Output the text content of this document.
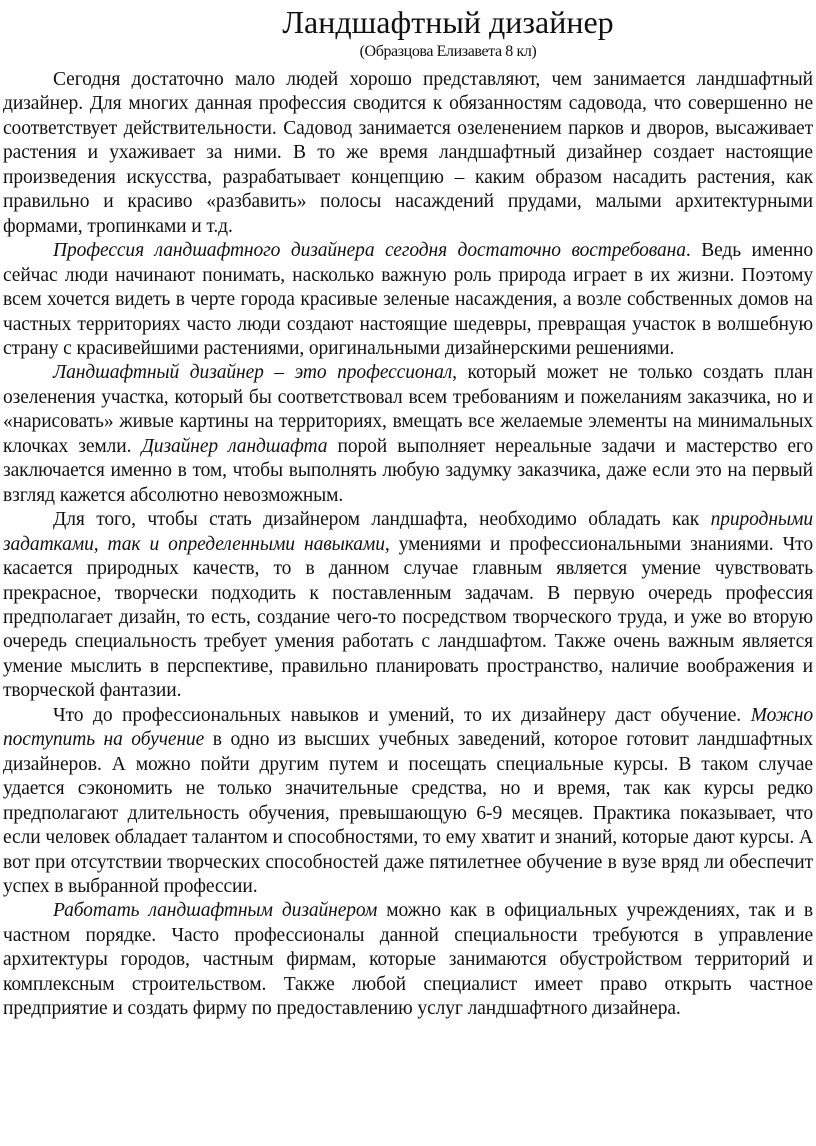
Ландшафтный дизайнер
(Образцова Елизавета 8 кл)

Сегодня достаточно мало людей хорошо представляют, чем занимается ландшафтный дизайнер. Для многих данная профессия сводится к обязанностям садовода, что совершенно не соответствует действительности. Садовод занимается озеленением парков и дворов, высаживает растения и ухаживает за ними. В то же время ландшафтный дизайнер создает настоящие произведения искусства, разрабатывает концепцию – каким образом насадить растения, как правильно и красиво «разбавить» полосы насаждений прудами, малыми архитектурными формами, тропинками и т.д.

Профессия ландшафтного дизайнера сегодня достаточно востребована. Ведь именно сейчас люди начинают понимать, насколько важную роль природа играет в их жизни. Поэтому всем хочется видеть в черте города красивые зеленые насаждения, а возле собственных домов на частных территориях часто люди создают настоящие шедевры, превращая участок в волшебную страну с красивейшими растениями, оригинальными дизайнерскими решениями.

Ландшафтный дизайнер – это профессионал, который может не только создать план озеленения участка, который бы соответствовал всем требованиям и пожеланиям заказчика, но и «нарисовать» живые картины на территориях, вмещать все желаемые элементы на минимальных клочках земли. Дизайнер ландшафта порой выполняет нереальные задачи и мастерство его заключается именно в том, чтобы выполнять любую задумку заказчика, даже если это на первый взгляд кажется абсолютно невозможным.

Для того, чтобы стать дизайнером ландшафта, необходимо обладать как природными задатками, так и определенными навыками, умениями и профессиональными знаниями. Что касается природных качеств, то в данном случае главным является умение чувствовать прекрасное, творчески подходить к поставленным задачам. В первую очередь профессия предполагает дизайн, то есть, создание чего-то посредством творческого труда, и уже во вторую очередь специальность требует умения работать с ландшафтом. Также очень важным является умение мыслить в перспективе, правильно планировать пространство, наличие воображения и творческой фантазии.

Что до профессиональных навыков и умений, то их дизайнеру даст обучение. Можно поступить на обучение в одно из высших учебных заведений, которое готовит ландшафтных дизайнеров. А можно пойти другим путем и посещать специальные курсы. В таком случае удается сэкономить не только значительные средства, но и время, так как курсы редко предполагают длительность обучения, превышающую 6-9 месяцев. Практика показывает, что если человек обладает талантом и способностями, то ему хватит и знаний, которые дают курсы. А вот при отсутствии творческих способностей даже пятилетнее обучение в вузе вряд ли обеспечит успех в выбранной профессии.

Работать ландшафтным дизайнером можно как в официальных учреждениях, так и в частном порядке. Часто профессионалы данной специальности требуются в управление архитектуры городов, частным фирмам, которые занимаются обустройством территорий и комплексным строительством. Также любой специалист имеет право открыть частное предприятие и создать фирму по предоставлению услуг ландшафтного дизайнера.
